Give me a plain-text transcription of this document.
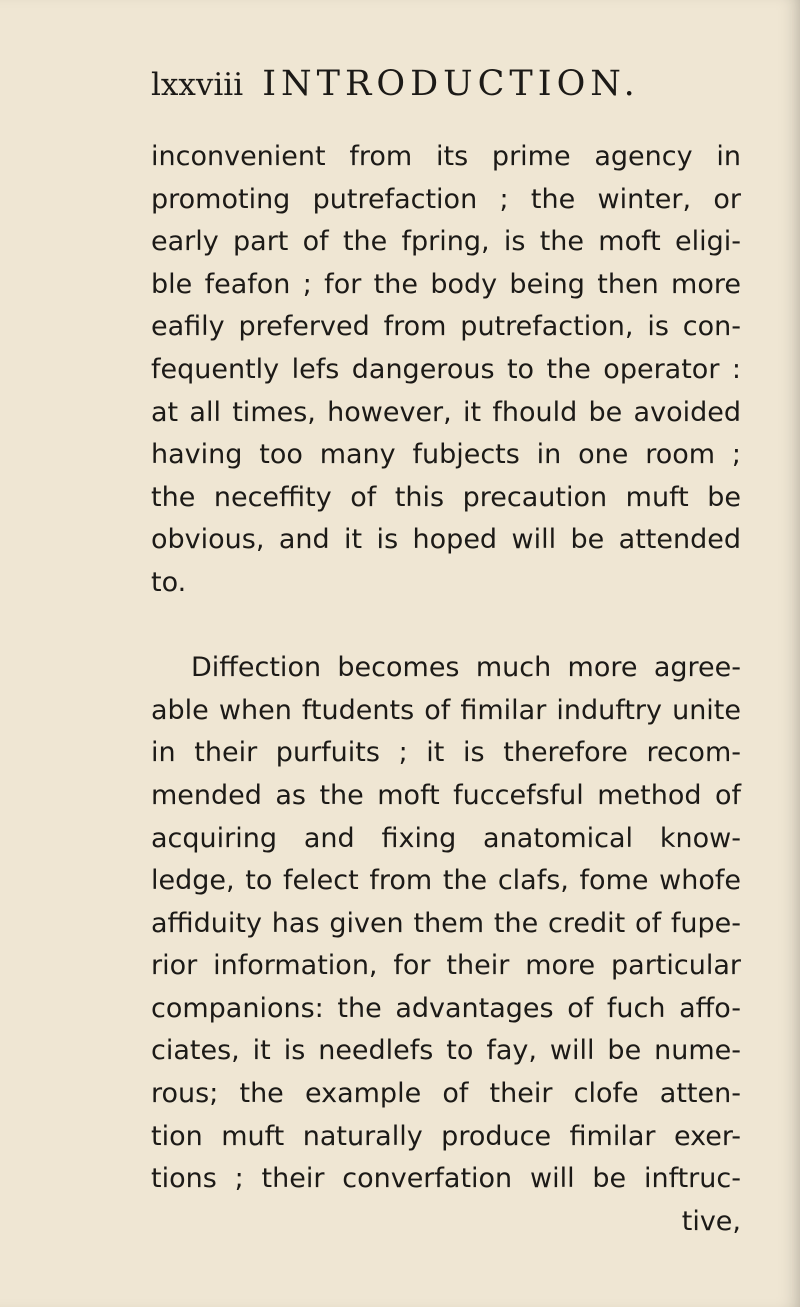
lxxviii INTRODUCTION.
inconvenient from its prime agency in
promoting putrefaction ; the winter, or
early part of the fpring, is the moft eligi-
ble feafon ; for the body being then more
eafily preferved from putrefaction, is con-
fequently lefs dangerous to the operator :
at all times, however, it fhould be avoided
having too many fubjects in one room ;
the neceffity of this precaution muft be
obvious, and it is hoped will be attended
to.
Diffection becomes much more agree-
able when ftudents of fimilar induftry unite
in their purfuits ; it is therefore recom-
mended as the moft fuccefsful method of
acquiring and fixing anatomical know-
ledge, to felect from the clafs, fome whofe
affiduity has given them the credit of fupe-
rior information, for their more particular
companions: the advantages of fuch affo-
ciates, it is needlefs to fay, will be nume-
rous; the example of their clofe atten-
tion muft naturally produce fimilar exer-
tions ; their converfation will be inftruc-
tive,
